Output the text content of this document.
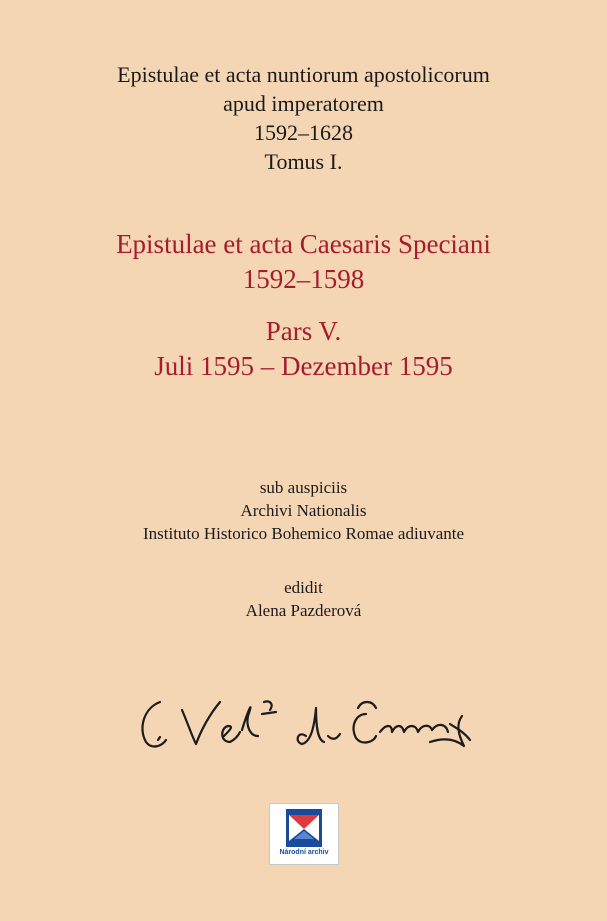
Epistulae et acta nuntiorum apostolicorum
apud imperatorem
1592–1628
Tomus I.
Epistulae et acta Caesaris Speciani
1592–1598
Pars V.
Juli 1595 – Dezember 1595
sub auspiciis
Archivi Nationalis
Instituto Historico Bohemico Romae adiuvante
edidit
Alena Pazderová
Národní archiv
